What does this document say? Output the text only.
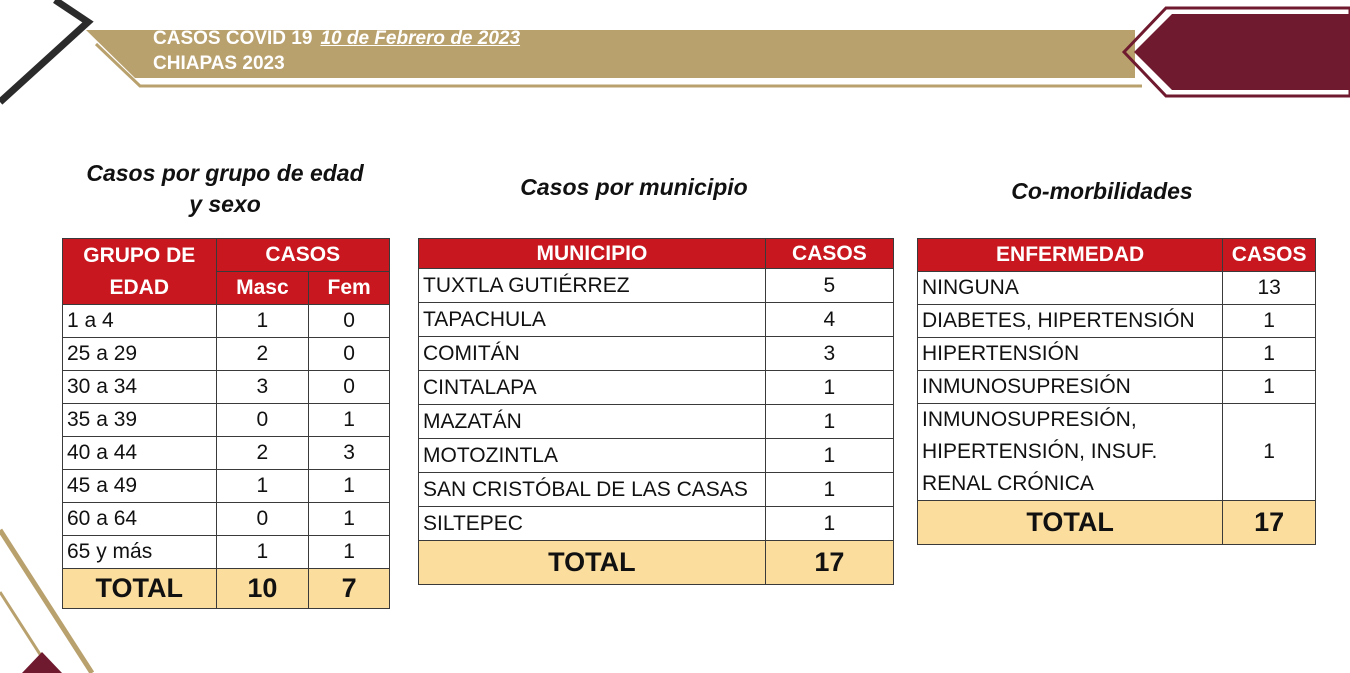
CASOS COVID 19 10 de Febrero de 2023
CHIAPAS 2023
Casos por grupo de edad y sexo
Casos por municipio	Co-morbilidades
GRUPO DE EDAD	CASOS	
	Masc	Fem
1 a 4	1	0
25 a 29	2	0
30 a 34	3	0
35 a 39	0	1
40 a 44	2	3
45 a 49	1	1
60 a 64	0	1
65 y más	1	1
TOTAL	10	7
MUNICIPIO	CASOS
TUXTLA GUTIÉRREZ	5
TAPACHULA	4
COMITÁN	3
CINTALAPA	1
MAZATÁN	1
MOTOZINTLA	1
SAN CRISTÓBAL DE LAS CASAS	1
SILTEPEC	1
TOTAL	17
ENFERMEDAD	CASOS
NINGUNA	13
DIABETES, HIPERTENSIÓN	1
HIPERTENSIÓN	1
INMUNOSUPRESIÓN	1
INMUNOSUPRESIÓN, HIPERTENSIÓN, INSUF. RENAL CRÓNICA	1
TOTAL	17
